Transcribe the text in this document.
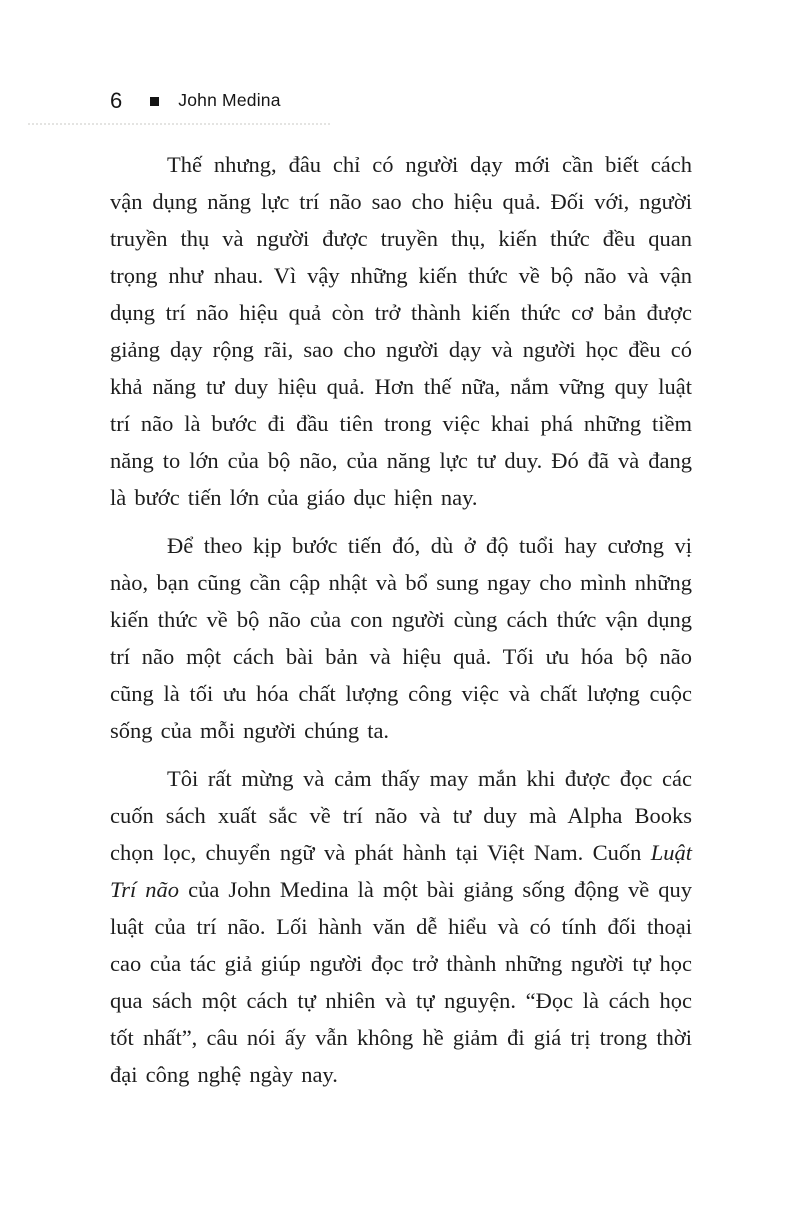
6	John Medina

Thế nhưng, đâu chỉ có người dạy mới cần biết cách vận dụng năng lực trí não sao cho hiệu quả. Đối với, người truyền thụ và người được truyền thụ, kiến thức đều quan trọng như nhau. Vì vậy những kiến thức về bộ não và vận dụng trí não hiệu quả còn trở thành kiến thức cơ bản được giảng dạy rộng rãi, sao cho người dạy và người học đều có khả năng tư duy hiệu quả. Hơn thế nữa, nắm vững quy luật trí não là bước đi đầu tiên trong việc khai phá những tiềm năng to lớn của bộ não, của năng lực tư duy. Đó đã và đang là bước tiến lớn của giáo dục hiện nay.

Để theo kịp bước tiến đó, dù ở độ tuổi hay cương vị nào, bạn cũng cần cập nhật và bổ sung ngay cho mình những kiến thức về bộ não của con người cùng cách thức vận dụng trí não một cách bài bản và hiệu quả. Tối ưu hóa bộ não cũng là tối ưu hóa chất lượng công việc và chất lượng cuộc sống của mỗi người chúng ta.

Tôi rất mừng và cảm thấy may mắn khi được đọc các cuốn sách xuất sắc về trí não và tư duy mà Alpha Books chọn lọc, chuyển ngữ và phát hành tại Việt Nam. Cuốn Luật Trí não của John Medina là một bài giảng sống động về quy luật của trí não. Lối hành văn dễ hiểu và có tính đối thoại cao của tác giả giúp người đọc trở thành những người tự học qua sách một cách tự nhiên và tự nguyện. “Đọc là cách học tốt nhất”, câu nói ấy vẫn không hề giảm đi giá trị trong thời đại công nghệ ngày nay.
